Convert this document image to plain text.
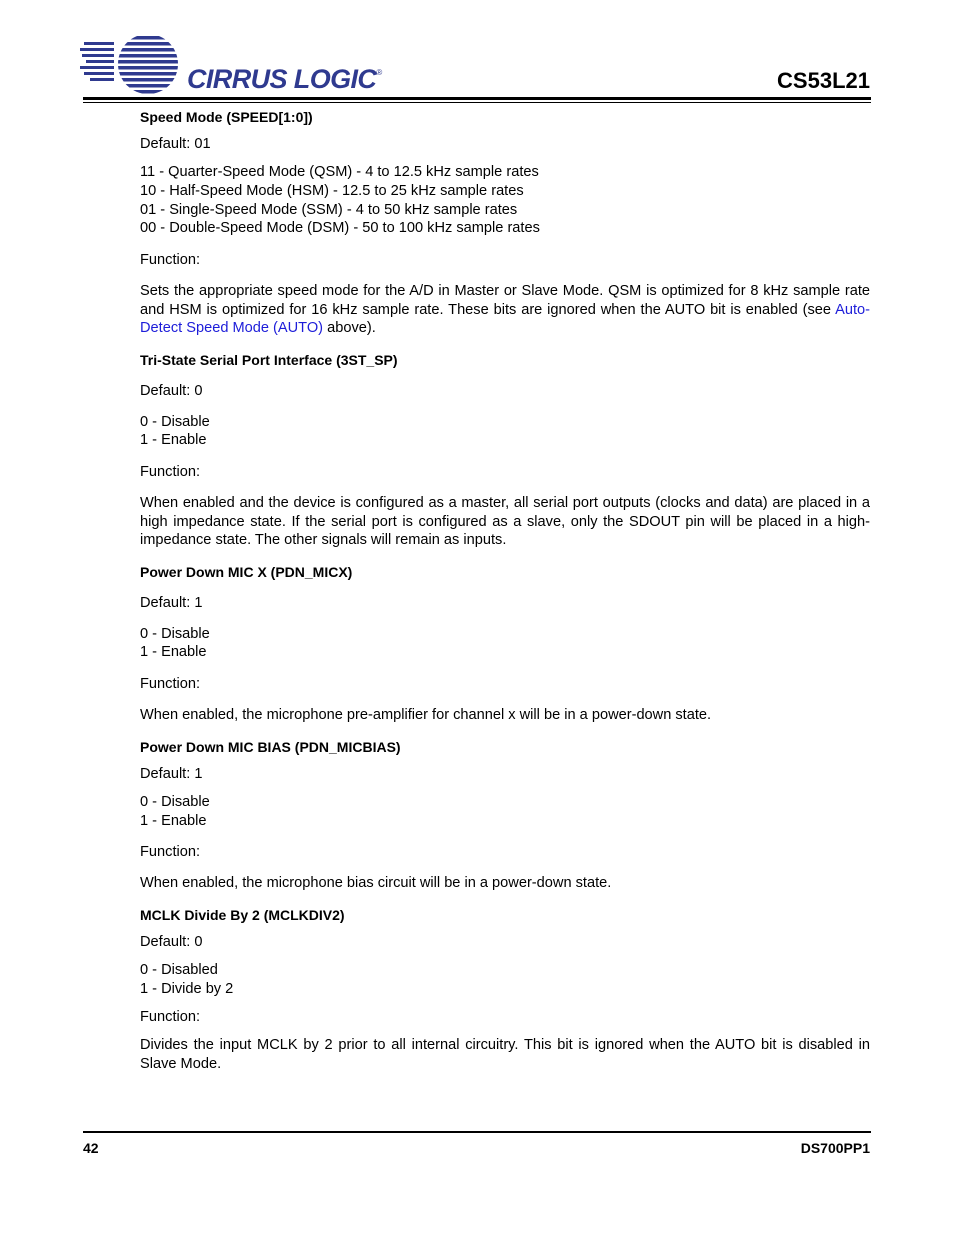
CIRRUS LOGIC®	CS53L21

Speed Mode (SPEED[1:0])

Default: 01

11 - Quarter-Speed Mode (QSM) - 4 to 12.5 kHz sample rates

10 - Half-Speed Mode (HSM) - 12.5 to 25 kHz sample rates

01 - Single-Speed Mode (SSM) - 4 to 50 kHz sample rates

00 - Double-Speed Mode (DSM) - 50 to 100 kHz sample rates

Function:

Sets the appropriate speed mode for the A/D in Master or Slave Mode. QSM is optimized for 8 kHz sample rate and HSM is optimized for 16 kHz sample rate. These bits are ignored when the AUTO bit is enabled (see Auto-Detect Speed Mode (AUTO) above).

Tri-State Serial Port Interface (3ST_SP)

Default: 0

0 - Disable

1 - Enable

Function:

When enabled and the device is configured as a master, all serial port outputs (clocks and data) are placed in a high impedance state. If the serial port is configured as a slave, only the SDOUT pin will be placed in a high-impedance state. The other signals will remain as inputs.

Power Down MIC X (PDN_MICX)

Default: 1

0 - Disable

1 - Enable

Function:

When enabled, the microphone pre-amplifier for channel x will be in a power-down state.

Power Down MIC BIAS (PDN_MICBIAS)

Default: 1

0 - Disable

1 - Enable

Function:

When enabled, the microphone bias circuit will be in a power-down state.

MCLK Divide By 2 (MCLKDIV2)

Default: 0

0 - Disabled

1 - Divide by 2

Function:

Divides the input MCLK by 2 prior to all internal circuitry. This bit is ignored when the AUTO bit is disabled in Slave Mode.

42	DS700PP1
